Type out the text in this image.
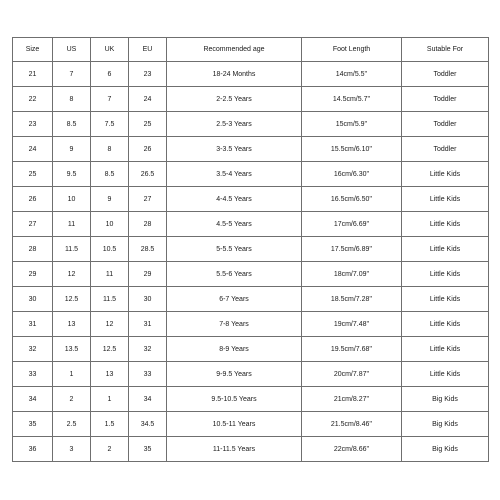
Size	US	UK	EU	Recommended age	Foot Length	Sutable For
21	7	6	23	18-24 Months	14cm/5.5''	Toddler
22	8	7	24	2-2.5 Years	14.5cm/5.7''	Toddler
23	8.5	7.5	25	2.5-3 Years	15cm/5.9''	Toddler
24	9	8	26	3-3.5 Years	15.5cm/6.10''	Toddler
25	9.5	8.5	26.5	3.5-4 Years	16cm/6.30''	Little Kids
26	10	9	27	4-4.5 Years	16.5cm/6.50''	Little Kids
27	11	10	28	4.5-5 Years	17cm/6.69''	Little Kids
28	11.5	10.5	28.5	5-5.5 Years	17.5cm/6.89''	Little Kids
29	12	11	29	5.5-6 Years	18cm/7.09''	Little Kids
30	12.5	11.5	30	6-7 Years	18.5cm/7.28''	Little Kids
31	13	12	31	7-8 Years	19cm/7.48''	Little Kids
32	13.5	12.5	32	8-9 Years	19.5cm/7.68''	Little Kids
33	1	13	33	9-9.5 Years	20cm/7.87''	Little Kids
34	2	1	34	9.5-10.5 Years	21cm/8.27''	Big Kids
35	2.5	1.5	34.5	10.5-11 Years	21.5cm/8.46''	Big Kids
36	3	2	35	11-11.5 Years	22cm/8.66''	Big Kids
